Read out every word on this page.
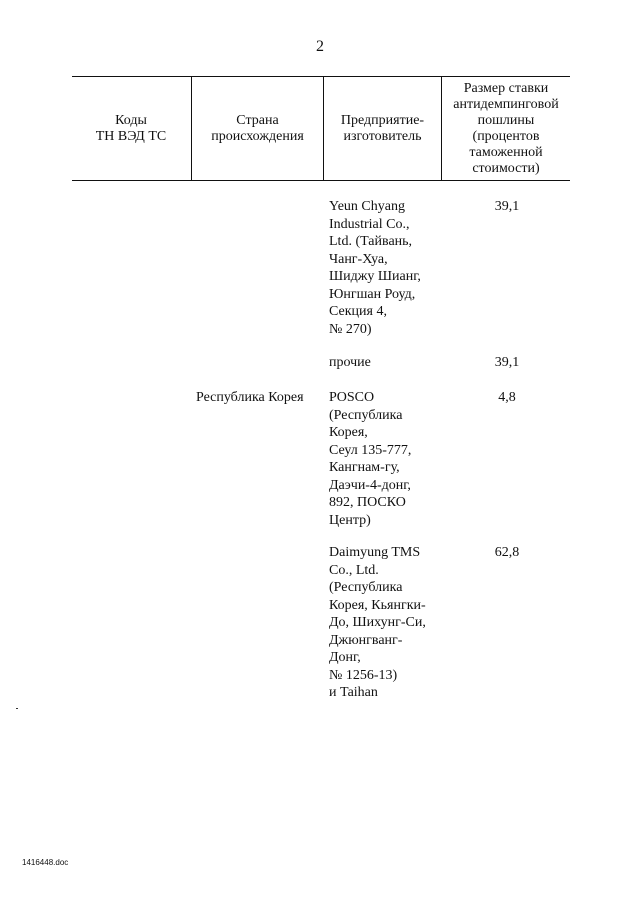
2
Коды
ТН ВЭД ТС
Страна
происхождения
Предприятие-
изготовитель
Размер ставки
антидемпинговой
пошлины
(процентов
таможенной
стоимости)
Yeun Chyang
Industrial Co.,
Ltd. (Тайвань,
Чанг-Хуа,
Шиджу Шианг,
Юнгшан Роуд,
Секция 4,
№ 270)
39,1
прочие	39,1
Республика Корея POSCO
(Республика
Корея,
Сеул 135-777,
Кангнам-гу,
Даэчи-4-донг,
892, ПОСКО
Центр)
4,8
Daimyung TMS
Co., Ltd.
(Республика
Корея, Кьянгки-
До, Шихунг-Си,
Джюнгванг-
Донг,
№ 1256-13)
и Taihan
62,8
1416448.doc
